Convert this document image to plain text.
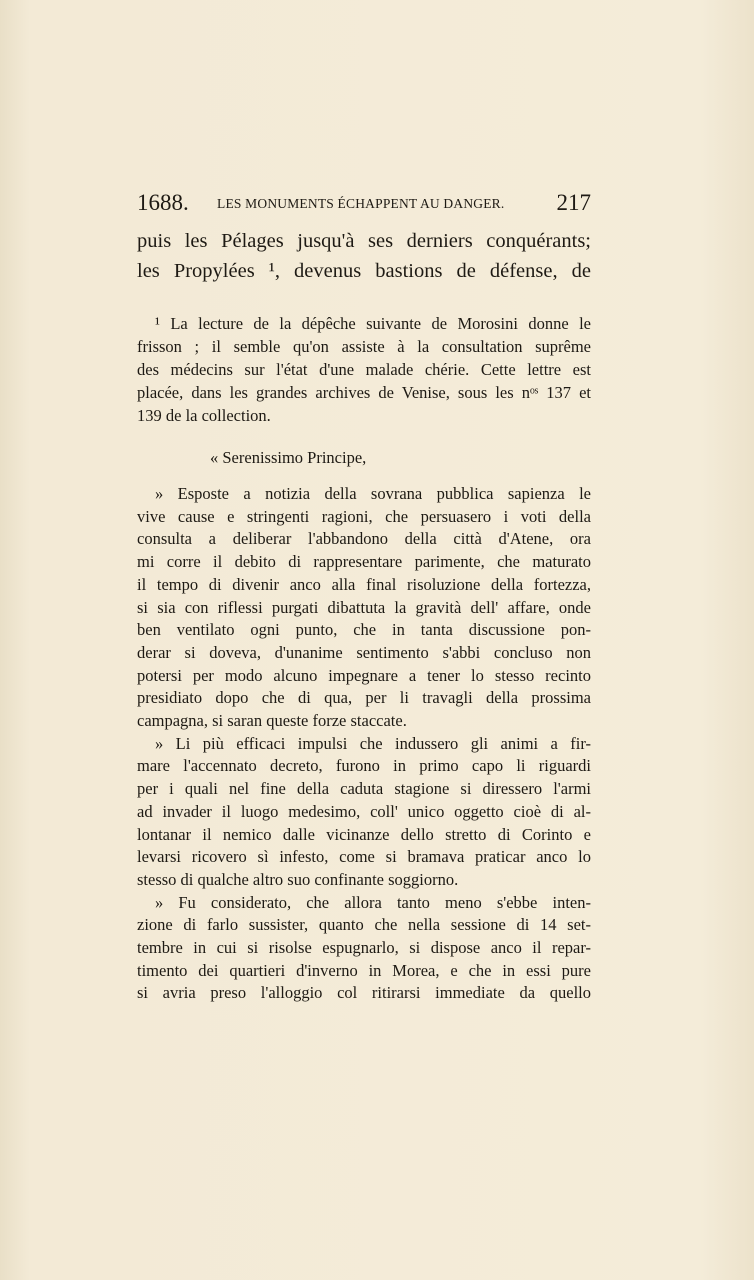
1688. LES MONUMENTS ÉCHAPPENT AU DANGER. 217
puis les Pélages jusqu'à ses derniers conquérants;
les Propylées ¹, devenus bastions de défense, de
¹ La lecture de la dépêche suivante de Morosini donne le
frisson ; il semble qu'on assiste à la consultation suprême
des médecins sur l'état d'une malade chérie. Cette lettre est
placée, dans les grandes archives de Venise, sous les nᵒˢ 137 et
139 de la collection.
« Serenissimo Principe,
» Esposte a notizia della sovrana pubblica sapienza le
vive cause e stringenti ragioni, che persuasero i voti della
consulta a deliberar l'abbandono della città d'Atene, ora
mi corre il debito di rappresentare parimente, che maturato
il tempo di divenir anco alla final risoluzione della fortezza,
si sia con riflessi purgati dibattuta la gravità dell' affare, onde
ben ventilato ogni punto, che in tanta discussione pon-
derar si doveva, d'unanime sentimento s'abbi concluso non
potersi per modo alcuno impegnare a tener lo stesso recinto
presidiato dopo che di qua, per li travagli della prossima
campagna, si saran queste forze staccate.
» Li più efficaci impulsi che indussero gli animi a fir-
mare l'accennato decreto, furono in primo capo li riguardi
per i quali nel fine della caduta stagione si diressero l'armi
ad invader il luogo medesimo, coll' unico oggetto cioè di al-
lontanar il nemico dalle vicinanze dello stretto di Corinto e
levarsi ricovero sì infesto, come si bramava praticar anco lo
stesso di qualche altro suo confinante soggiorno.
» Fu considerato, che allora tanto meno s'ebbe inten-
zione di farlo sussister, quanto che nella sessione di 14 set-
tembre in cui si risolse espugnarlo, si dispose anco il repar-
timento dei quartieri d'inverno in Morea, e che in essi pure
si avria preso l'alloggio col ritirarsi immediate da quello
